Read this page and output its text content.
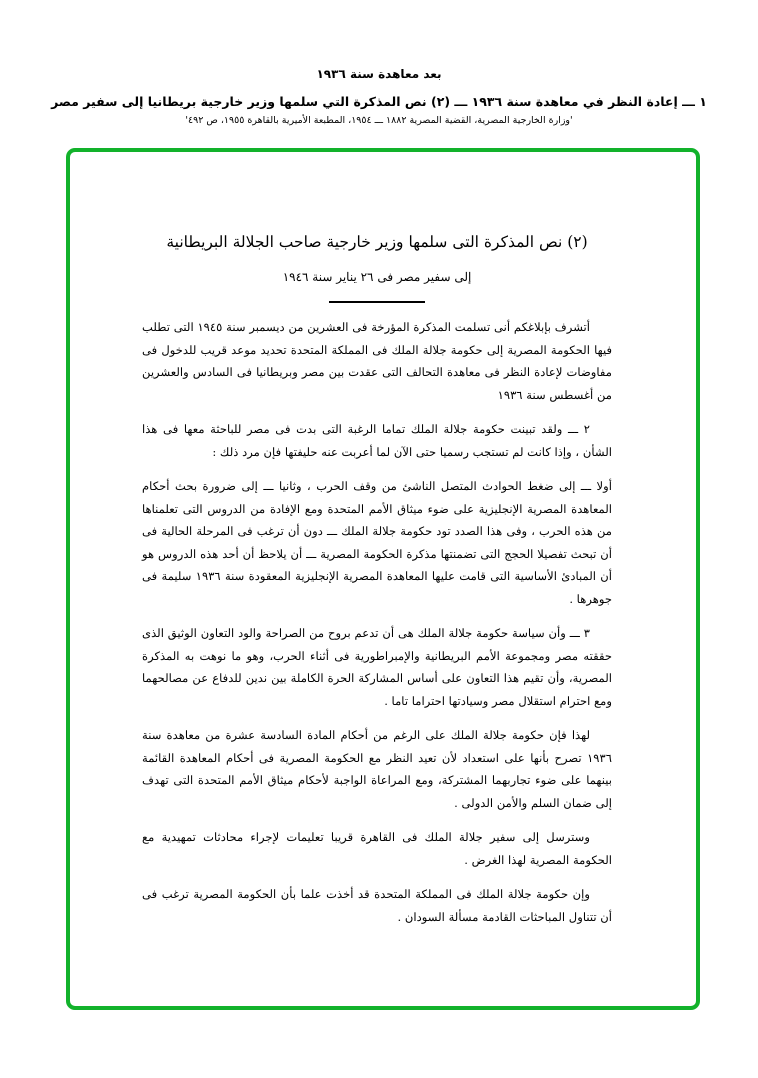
بعد معاهدة سنة ١٩٣٦
١ ـــ إعادة النظر في معاهدة سنة ١٩٣٦ ـــ (٢) نص المذكرة التي سلمها وزير خارجية بريطانيا إلى سفير مصر
'وزارة الخارجية المصرية، القضية المصرية ١٨٨٢ ـــ ١٩٥٤، المطبعة الأميرية بالقاهرة ١٩٥٥، ص ٤٩٢'
(٢) نص المذكرة التى سلمها وزير خارجية صاحب الجلالة البريطانية
إلى سفير مصر فى ٢٦ يناير سنة ١٩٤٦

أتشرف بإبلاغكم أنى تسلمت المذكرة المؤرخة فى العشرين من ديسمبر سنة ١٩٤٥ التى تطلب فيها الحكومة المصرية إلى حكومة جلالة الملك فى المملكة المتحدة تحديد موعد قريب للدخول فى مفاوضات لإعادة النظر فى معاهدة التحالف التى عقدت بين مصر وبريطانيا فى السادس والعشرين من أغسطس سنة ١٩٣٦

٢ ـــ ولقد تبينت حكومة جلالة الملك تماما الرغبة التى بدت فى مصر للباحثة معها فى هذا الشأن ، وإذا كانت لم تستجب رسميا حتى الآن لما أعربت عنه حليفتها فإن مرد ذلك :

أولا ـــ إلى ضغط الحوادث المتصل الناشئ من وقف الحرب ، وثانيا ـــ إلى ضرورة بحث أحكام المعاهدة المصرية الإنجليزية على ضوء ميثاق الأمم المتحدة ومع الإفادة من الدروس التى تعلمناها من هذه الحرب ، وفى هذا الصدد تود حكومة جلالة الملك ـــ دون أن ترغب فى المرحلة الحالية فى أن تبحث تفصيلا الحجج التى تضمنتها مذكرة الحكومة المصرية ـــ أن يلاحظ أن أحد هذه الدروس هو أن المبادئ الأساسية التى قامت عليها المعاهدة المصرية الإنجليزية المعقودة سنة ١٩٣٦ سليمة فى جوهرها .

٣ ـــ وأن سياسة حكومة جلالة الملك هى أن تدعم بروح من الصراحة والود التعاون الوثيق الذى حققته مصر ومجموعة الأمم البريطانية والإمبراطورية فى أثناء الحرب، وهو ما نوهت به المذكرة المصرية، وأن تقيم هذا التعاون على أساس المشاركة الحرة الكاملة بين ندين للدفاع عن مصالحهما ومع احترام استقلال مصر وسيادتها احتراما تاما .

لهذا فإن حكومة جلالة الملك على الرغم من أحكام المادة السادسة عشرة من معاهدة سنة ١٩٣٦ تصرح بأنها على استعداد لأن تعيد النظر مع الحكومة المصرية فى أحكام المعاهدة القائمة بينهما على ضوء تجاربهما المشتركة، ومع المراعاة الواجبة لأحكام ميثاق الأمم المتحدة التى تهدف إلى ضمان السلم والأمن الدولى .

وسترسل إلى سفير جلالة الملك فى القاهرة قريبا تعليمات لإجراء محادثات تمهيدية مع الحكومة المصرية لهذا الغرض .

وإن حكومة جلالة الملك فى المملكة المتحدة قد أخذت علما بأن الحكومة المصرية ترغب فى أن تتناول المباحثات القادمة مسألة السودان .
